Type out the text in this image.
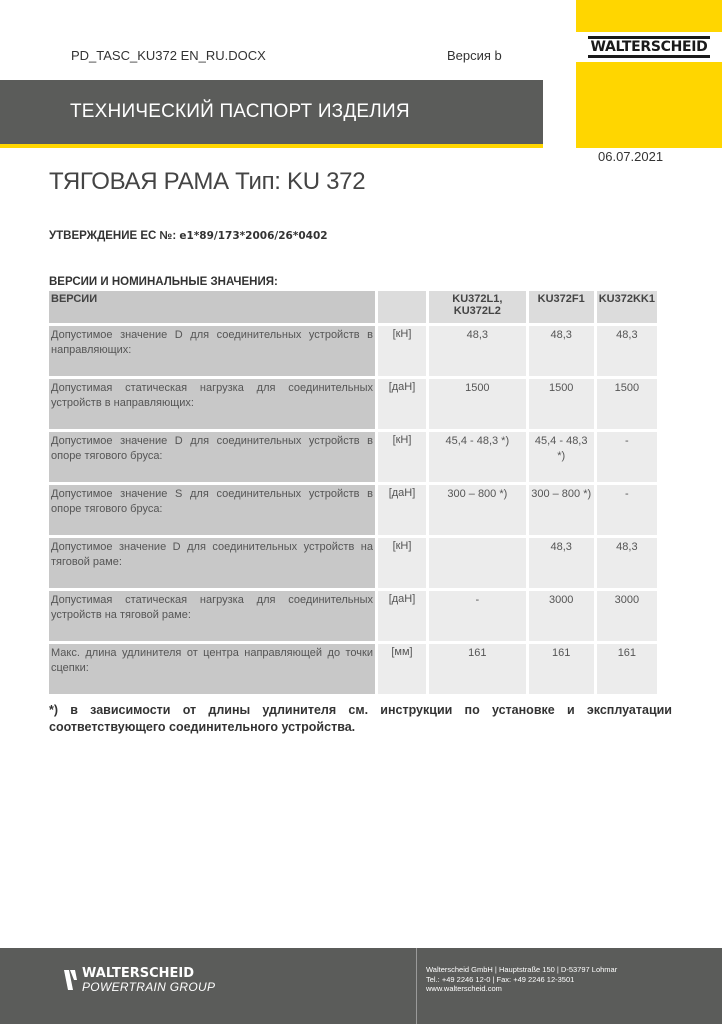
PD_TASC_KU372 EN_RU.DOCX	Версия b
WALTERSCHEID
ТЕХНИЧЕСКИЙ ПАСПОРТ ИЗДЕЛИЯ
06.07.2021
ТЯГОВАЯ РАМА Тип: KU 372
УТВЕРЖДЕНИЕ ЕС №: e1*89/173*2006/26*0402
ВЕРСИИ И НОМИНАЛЬНЫЕ ЗНАЧЕНИЯ:
ВЕРСИИ		KU372L1, KU372L2	KU372F1	KU372KK1
Допустимое значение D для соединительных устройств в направляющих:	[кН]	48,3	48,3	48,3
Допустимая статическая нагрузка для соединительных устройств в направляющих:	[даН]	1500	1500	1500
Допустимое значение D для соединительных устройств в опоре тягового бруса:	[кН]	45,4 - 48,3 *)	45,4 - 48,3 *)	-
Допустимое значение S для соединительных устройств в опоре тягового бруса:	[даН]	300 – 800 *)	300 – 800 *)	-
Допустимое значение D для соединительных устройств на тяговой раме:	[кН]		48,3	48,3
Допустимая статическая нагрузка для соединительных устройств на тяговой раме:	[даН]	-	3000	3000
Макс. длина удлинителя от центра направляющей до точки сцепки:	[мм]	161	161	161
*) в зависимости от длины удлинителя см. инструкции по установке и эксплуатации соответствующего соединительного устройства.
WALTERSCHEID
POWERTRAIN GROUP
Walterscheid GmbH | Hauptstraße 150 | D-53797 Lohmar
Tel.: +49 2246 12-0 | Fax: +49 2246 12-3501
www.walterscheid.com
